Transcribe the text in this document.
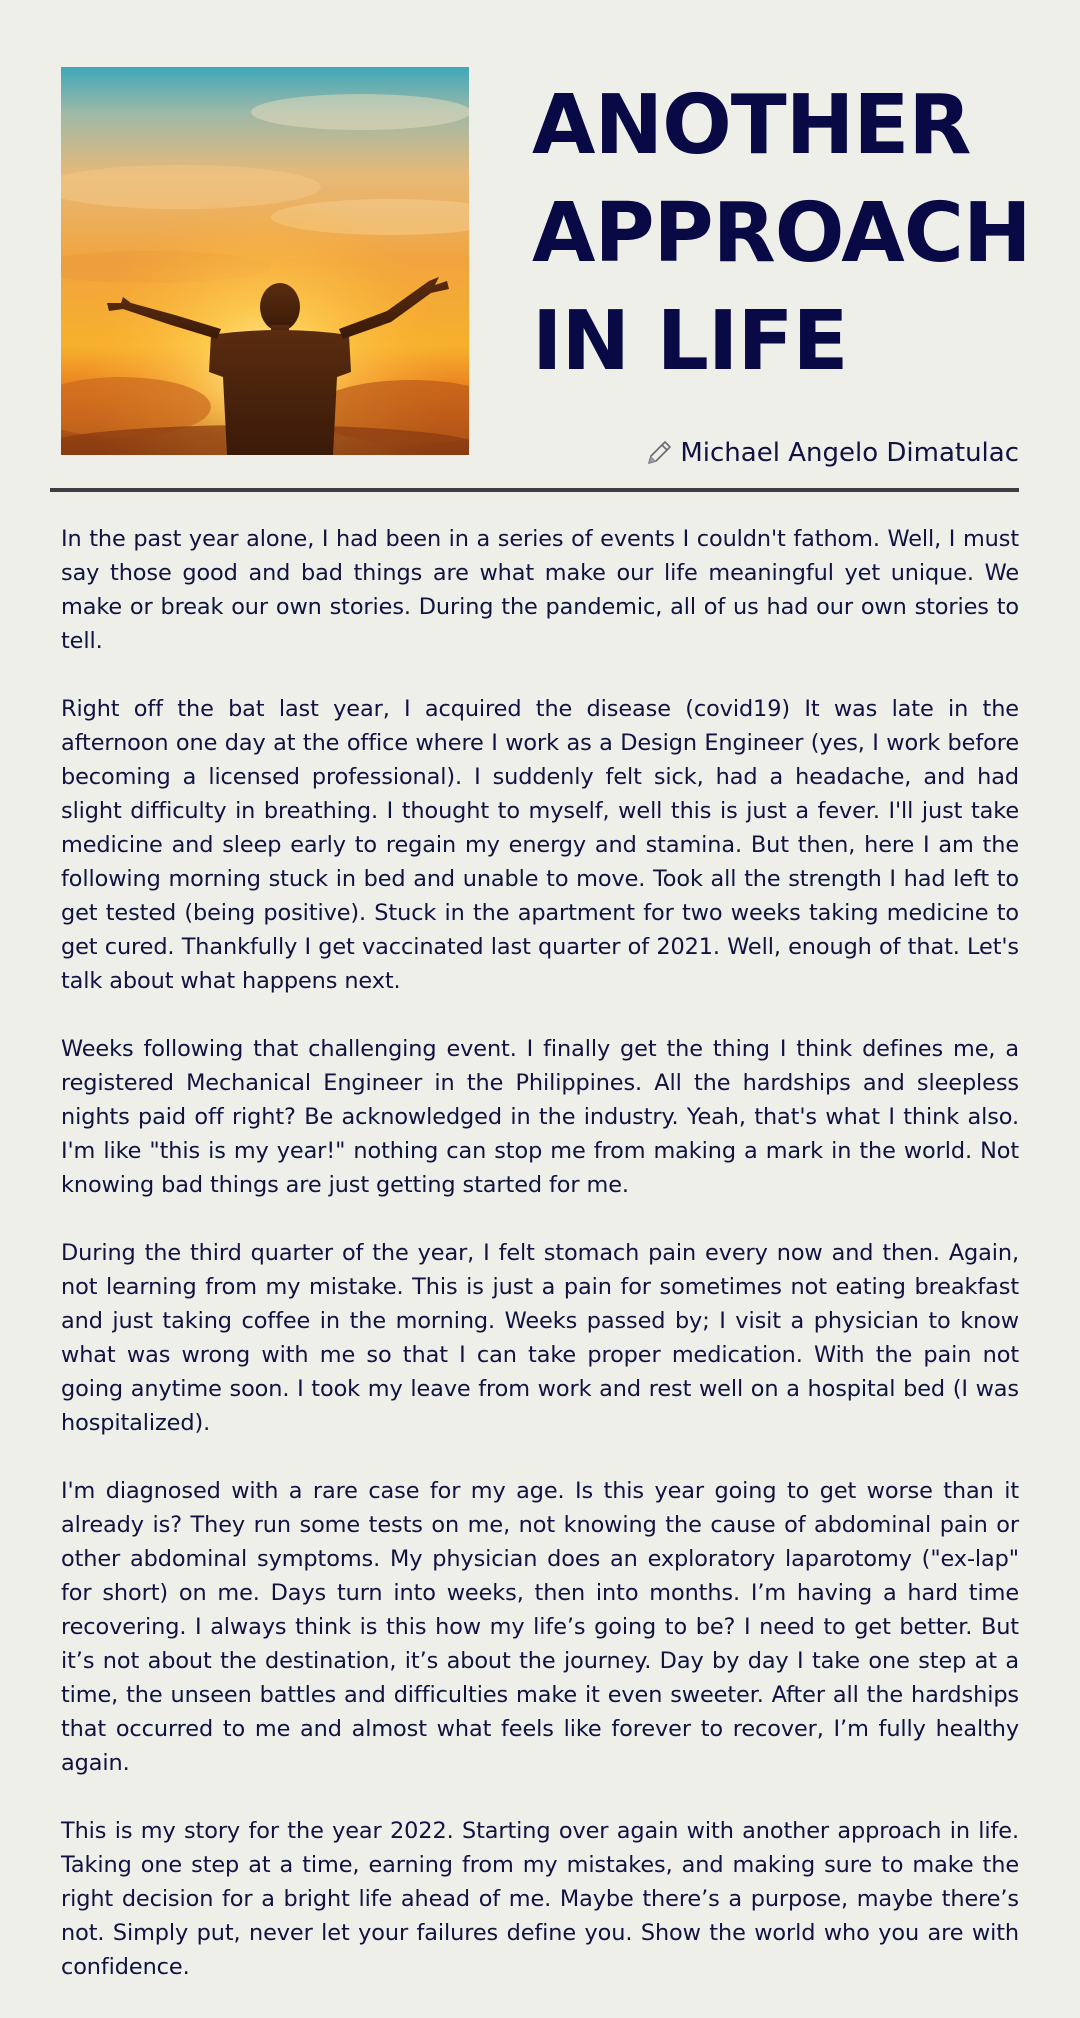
ANOTHER
APPROACH
IN LIFE
Michael Angelo Dimatulac

In the past year alone, I had been in a series of events I couldn't fathom. Well, I must say those good and bad things are what make our life meaningful yet unique. We make or break our own stories. During the pandemic, all of us had our own stories to tell.

Right off the bat last year, I acquired the disease (covid19) It was late in the afternoon one day at the office where I work as a Design Engineer (yes, I work before becoming a licensed professional). I suddenly felt sick, had a headache, and had slight difficulty in breathing. I thought to myself, well this is just a fever. I'll just take medicine and sleep early to regain my energy and stamina. But then, here I am the following morning stuck in bed and unable to move. Took all the strength I had left to get tested (being positive). Stuck in the apartment for two weeks taking medicine to get cured. Thankfully I get vaccinated last quarter of 2021. Well, enough of that. Let's talk about what happens next.

Weeks following that challenging event. I finally get the thing I think defines me, a registered Mechanical Engineer in the Philippines. All the hardships and sleepless nights paid off right? Be acknowledged in the industry. Yeah, that's what I think also. I'm like "this is my year!" nothing can stop me from making a mark in the world. Not knowing bad things are just getting started for me.

During the third quarter of the year, I felt stomach pain every now and then. Again, not learning from my mistake. This is just a pain for sometimes not eating breakfast and just taking coffee in the morning. Weeks passed by; I visit a physician to know what was wrong with me so that I can take proper medication. With the pain not going anytime soon. I took my leave from work and rest well on a hospital bed (I was hospitalized).

I'm diagnosed with a rare case for my age. Is this year going to get worse than it already is? They run some tests on me, not knowing the cause of abdominal pain or other abdominal symptoms. My physician does an exploratory laparotomy ("ex-lap" for short) on me. Days turn into weeks, then into months. I’m having a hard time recovering. I always think is this how my life’s going to be? I need to get better. But it’s not about the destination, it’s about the journey. Day by day I take one step at a time, the unseen battles and difficulties make it even sweeter. After all the hardships that occurred to me and almost what feels like forever to recover, I’m fully healthy again.

This is my story for the year 2022. Starting over again with another approach in life. Taking one step at a time, earning from my mistakes, and making sure to make the right decision for a bright life ahead of me. Maybe there’s a purpose, maybe there’s not. Simply put, never let your failures define you. Show the world who you are with confidence.
